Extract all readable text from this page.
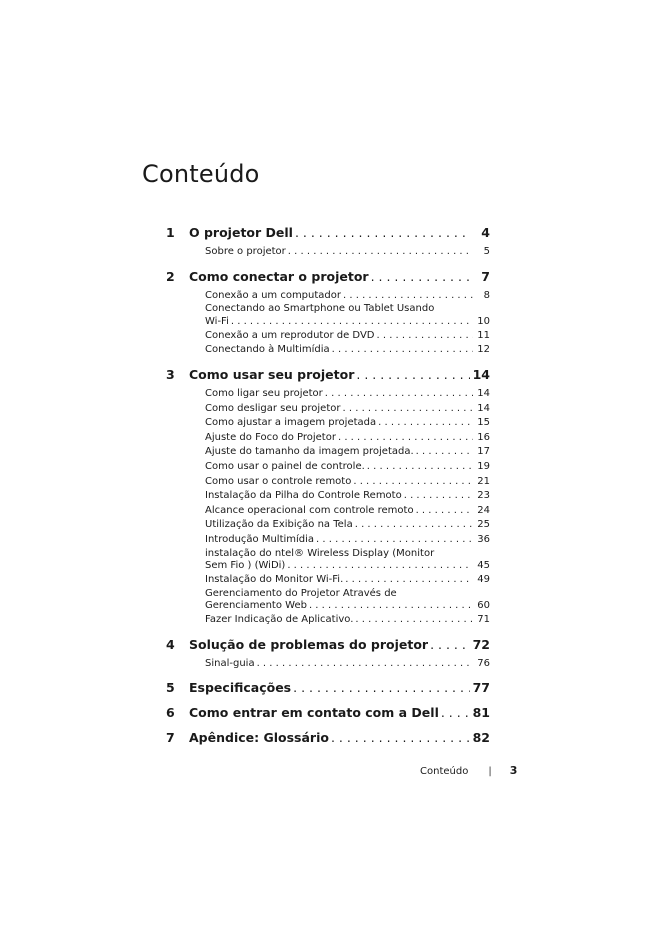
Conteúdo
1	O projetor Dell . . .	4
Sobre o projetor . . .	5
2	Como conectar o projetor . . .	7
Conexão a um computador . . .	8
Conectando ao Smartphone ou Tablet Usando
Wi-Fi . . .	10
Conexão a um reprodutor de DVD . . .	11
Conectando à Multimídia . . .	12
3	Como usar seu projetor . . .	14
Como ligar seu projetor . . .	14
Como desligar seu projetor . . .	14
Como ajustar a imagem projetada . . .	15
Ajuste do Foco do Projetor . . .	16
Ajuste do tamanho da imagem projetada. . . .	17
Como usar o painel de controle. . . .	19
Como usar o controle remoto . . .	21
Instalação da Pilha do Controle Remoto . . .	23
Alcance operacional com controle remoto . . .	24
Utilização da Exibição na Tela . . .	25
Introdução Multimídia . . .	36
instalação do ntel® Wireless Display (Monitor
Sem Fio ) (WiDi) . . .	45
Instalação do Monitor Wi-Fi. . . .	49
Gerenciamento do Projetor Através de
Gerenciamento Web . . .	60
Fazer Indicação de Aplicativo. . . .	71
4	Solução de problemas do projetor . . .	72
Sinal-guia . . .	76
5	Especificações . . .	77
6	Como entrar em contato com a Dell . . .	81
7	Apêndice: Glossário . . .	82
Conteúdo | 3
